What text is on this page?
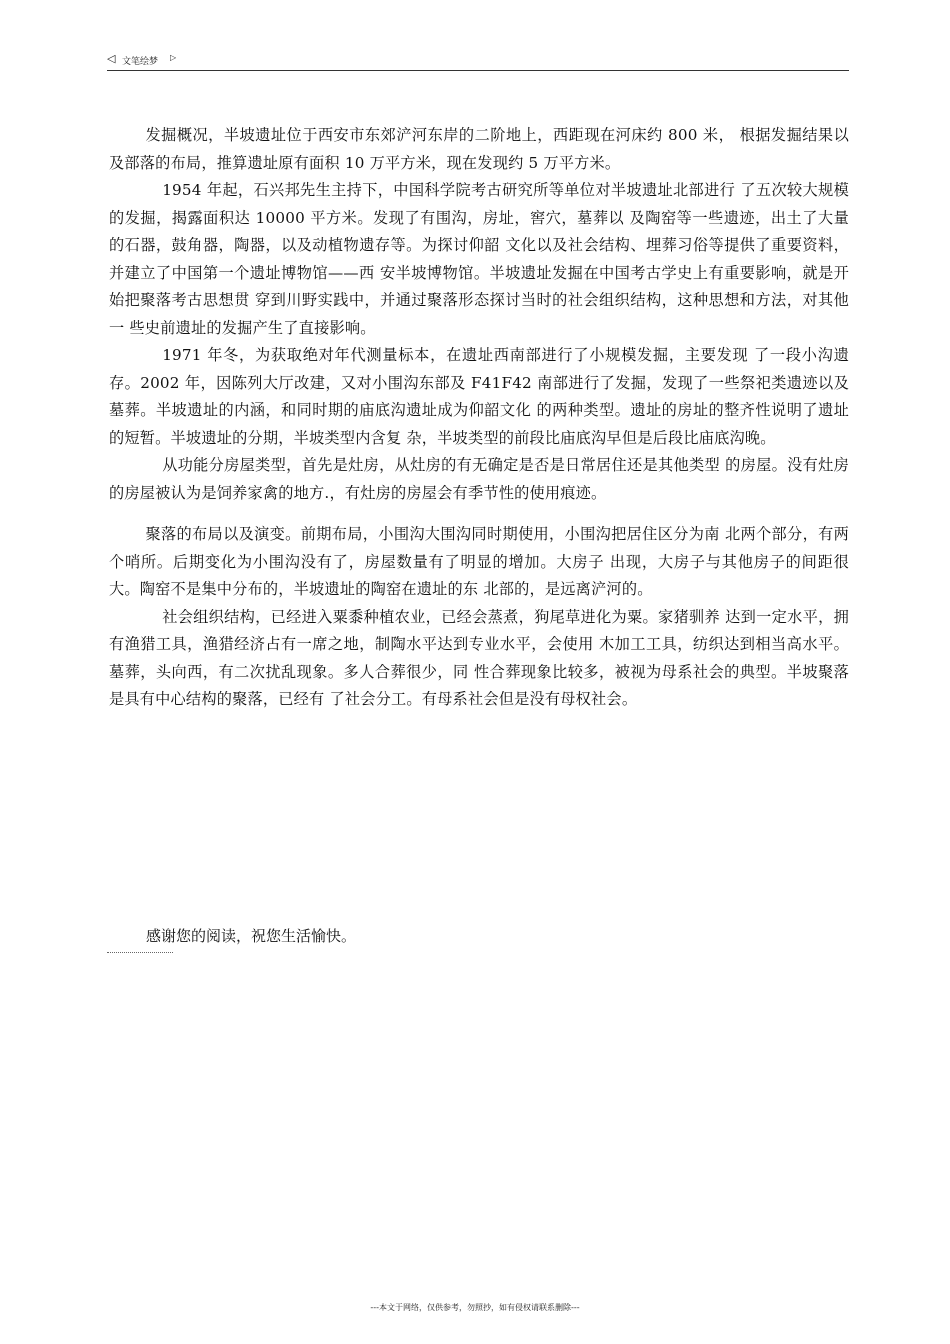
◁ 文笔绘梦 ▷

发掘概况，半坡遗址位于西安市东郊浐河东岸的二阶地上，西距现在河床约 800 米， 根据发掘结果以及部落的布局，推算遗址原有面积 10 万平方米，现在发现约 5 万平方米。

1954 年起，石兴邦先生主持下，中国科学院考古研究所等单位对半坡遗址北部进行 了五次较大规模的发掘，揭露面积达 10000 平方米。发现了有围沟，房址，窖穴，墓葬以 及陶窑等一些遗迹，出土了大量的石器，鼓角器，陶器，以及动植物遗存等。为探讨仰韶 文化以及社会结构、埋葬习俗等提供了重要资料，并建立了中国第一个遗址博物馆——西 安半坡博物馆。半坡遗址发掘在中国考古学史上有重要影响，就是开始把聚落考古思想贯 穿到川野实践中，并通过聚落形态探讨当时的社会组织结构，这种思想和方法，对其他一 些史前遗址的发掘产生了直接影响。

1971 年冬，为获取绝对年代测量标本，在遗址西南部进行了小规模发掘，主要发现 了一段小沟遗存。2002 年，因陈列大厅改建，又对小围沟东部及 F41F42 南部进行了发掘，发现了一些祭祀类遗迹以及墓葬。半坡遗址的内涵，和同时期的庙底沟遗址成为仰韶文化 的两种类型。遗址的房址的整齐性说明了遗址的短暂。半坡遗址的分期，半坡类型内含复 杂，半坡类型的前段比庙底沟早但是后段比庙底沟晚。

从功能分房屋类型，首先是灶房，从灶房的有无确定是否是日常居住还是其他类型 的房屋。没有灶房的房屋被认为是饲养家禽的地方.，有灶房的房屋会有季节性的使用痕迹。

聚落的布局以及演变。前期布局，小围沟大围沟同时期使用，小围沟把居住区分为南 北两个部分，有两个哨所。后期变化为小围沟没有了，房屋数量有了明显的增加。大房子 出现，大房子与其他房子的间距很大。陶窑不是集中分布的，半坡遗址的陶窑在遗址的东 北部的，是远离浐河的。

社会组织结构，已经进入粟黍种植农业，已经会蒸煮，狗尾草进化为粟。家猪驯养 达到一定水平，拥有渔猎工具，渔猎经济占有一席之地，制陶水平达到专业水平，会使用 木加工工具，纺织达到相当高水平。墓葬，头向西，有二次扰乱现象。多人合葬很少，同 性合葬现象比较多，被视为母系社会的典型。半坡聚落是具有中心结构的聚落，已经有 了社会分工。有母系社会但是没有母权社会。

感谢您的阅读，祝您生活愉快。
---本文于网络，仅供参考，勿照抄，如有侵权请联系删除---
